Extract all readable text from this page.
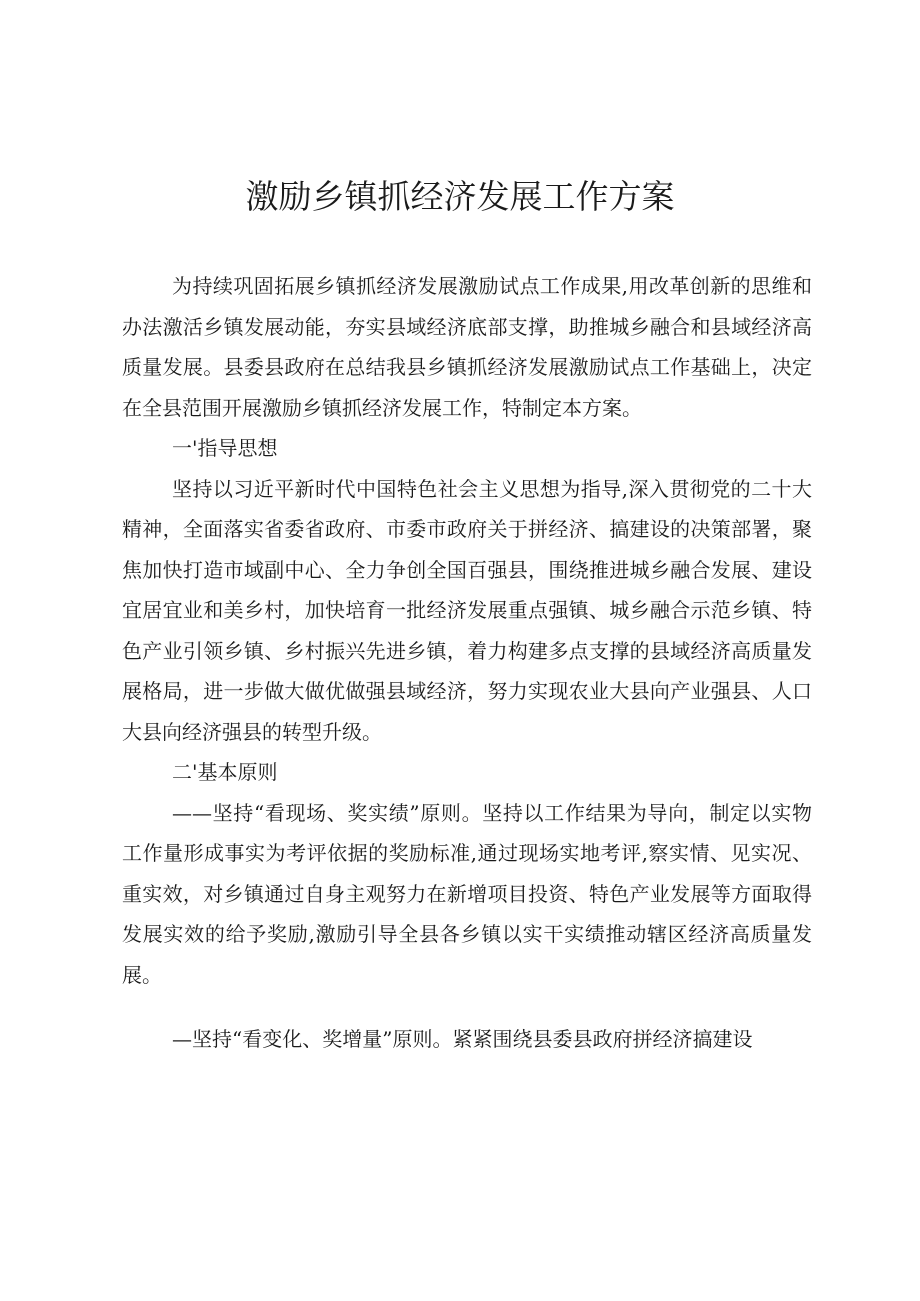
激励乡镇抓经济发展工作方案

为持续巩固拓展乡镇抓经济发展激励试点工作成果,用改革创新的思维和办法激活乡镇发展动能，夯实县域经济底部支撑，助推城乡融合和县域经济高质量发展。县委县政府在总结我县乡镇抓经济发展激励试点工作基础上，决定在全县范围开展激励乡镇抓经济发展工作，特制定本方案。

一'指导思想

坚持以习近平新时代中国特色社会主义思想为指导,深入贯彻党的二十大精神，全面落实省委省政府、市委市政府关于拼经济、搞建设的决策部署，聚焦加快打造市域副中心、全力争创全国百强县，围绕推进城乡融合发展、建设宜居宜业和美乡村，加快培育一批经济发展重点强镇、城乡融合示范乡镇、特色产业引领乡镇、乡村振兴先进乡镇，着力构建多点支撑的县域经济高质量发展格局，进一步做大做优做强县域经济，努力实现农业大县向产业强县、人口大县向经济强县的转型升级。

二'基本原则

——坚持“看现场、奖实绩”原则。坚持以工作结果为导向，制定以实物工作量形成事实为考评依据的奖励标准,通过现场实地考评,察实情、见实况、重实效，对乡镇通过自身主观努力在新增项目投资、特色产业发展等方面取得发展实效的给予奖励,激励引导全县各乡镇以实干实绩推动辖区经济高质量发展。

—坚持“看变化、奖增量”原则。紧紧围绕县委县政府拼经济搞建设
